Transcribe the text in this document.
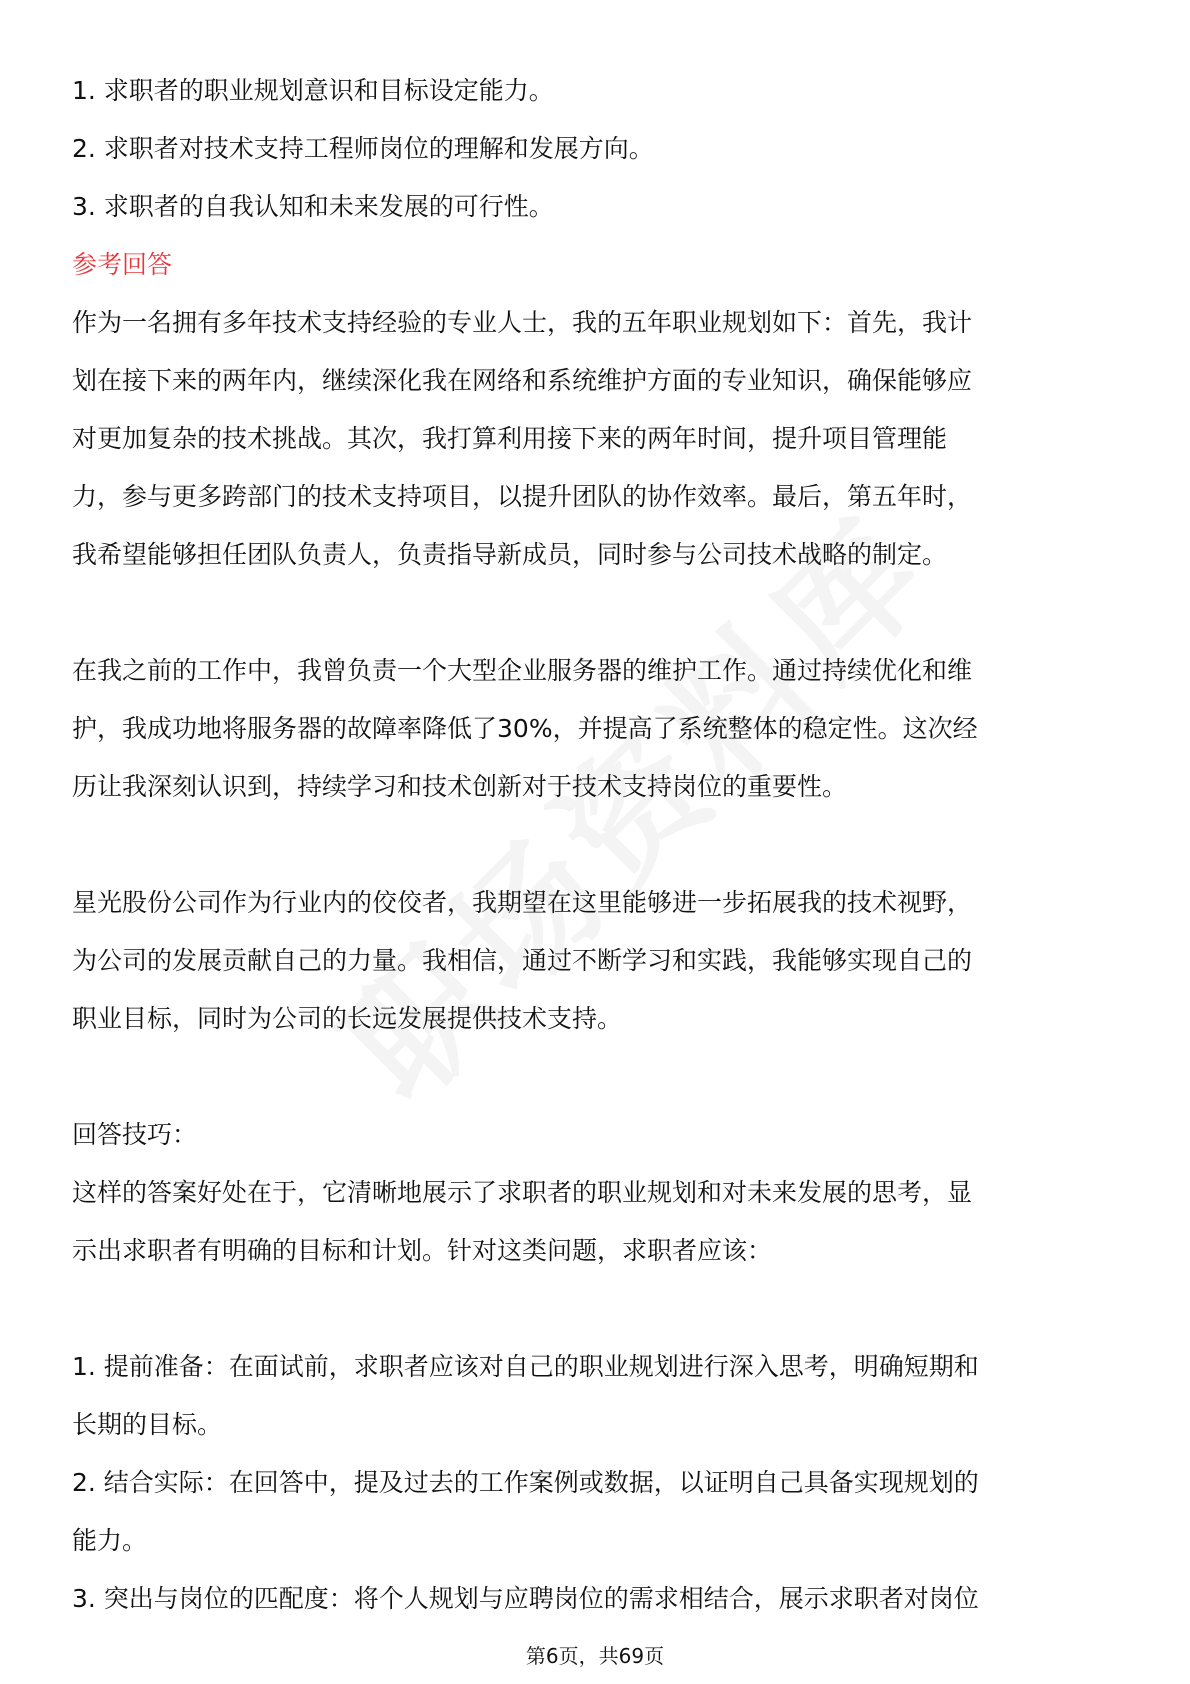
1. 求职者的职业规划意识和目标设定能力。

2. 求职者对技术支持工程师岗位的理解和发展方向。

3. 求职者的自我认知和未来发展的可行性。

参考回答

作为一名拥有多年技术支持经验的专业人士，我的五年职业规划如下：首先，我计

划在接下来的两年内，继续深化我在网络和系统维护方面的专业知识，确保能够应

对更加复杂的技术挑战。其次，我打算利用接下来的两年时间，提升项目管理能

力，参与更多跨部门的技术支持项目，以提升团队的协作效率。最后，第五年时，

我希望能够担任团队负责人，负责指导新成员，同时参与公司技术战略的制定。

在我之前的工作中，我曾负责一个大型企业服务器的维护工作。通过持续优化和维

护，我成功地将服务器的故障率降低了30%，并提高了系统整体的稳定性。这次经

历让我深刻认识到，持续学习和技术创新对于技术支持岗位的重要性。

星光股份公司作为行业内的佼佼者，我期望在这里能够进一步拓展我的技术视野，

为公司的发展贡献自己的力量。我相信，通过不断学习和实践，我能够实现自己的

职业目标，同时为公司的长远发展提供技术支持。

回答技巧：

这样的答案好处在于，它清晰地展示了求职者的职业规划和对未来发展的思考，显

示出求职者有明确的目标和计划。针对这类问题，求职者应该：

1. 提前准备：在面试前，求职者应该对自己的职业规划进行深入思考，明确短期和

长期的目标。

2. 结合实际：在回答中，提及过去的工作案例或数据，以证明自己具备实现规划的

能力。

3. 突出与岗位的匹配度：将个人规划与应聘岗位的需求相结合，展示求职者对岗位

第6页，共69页
